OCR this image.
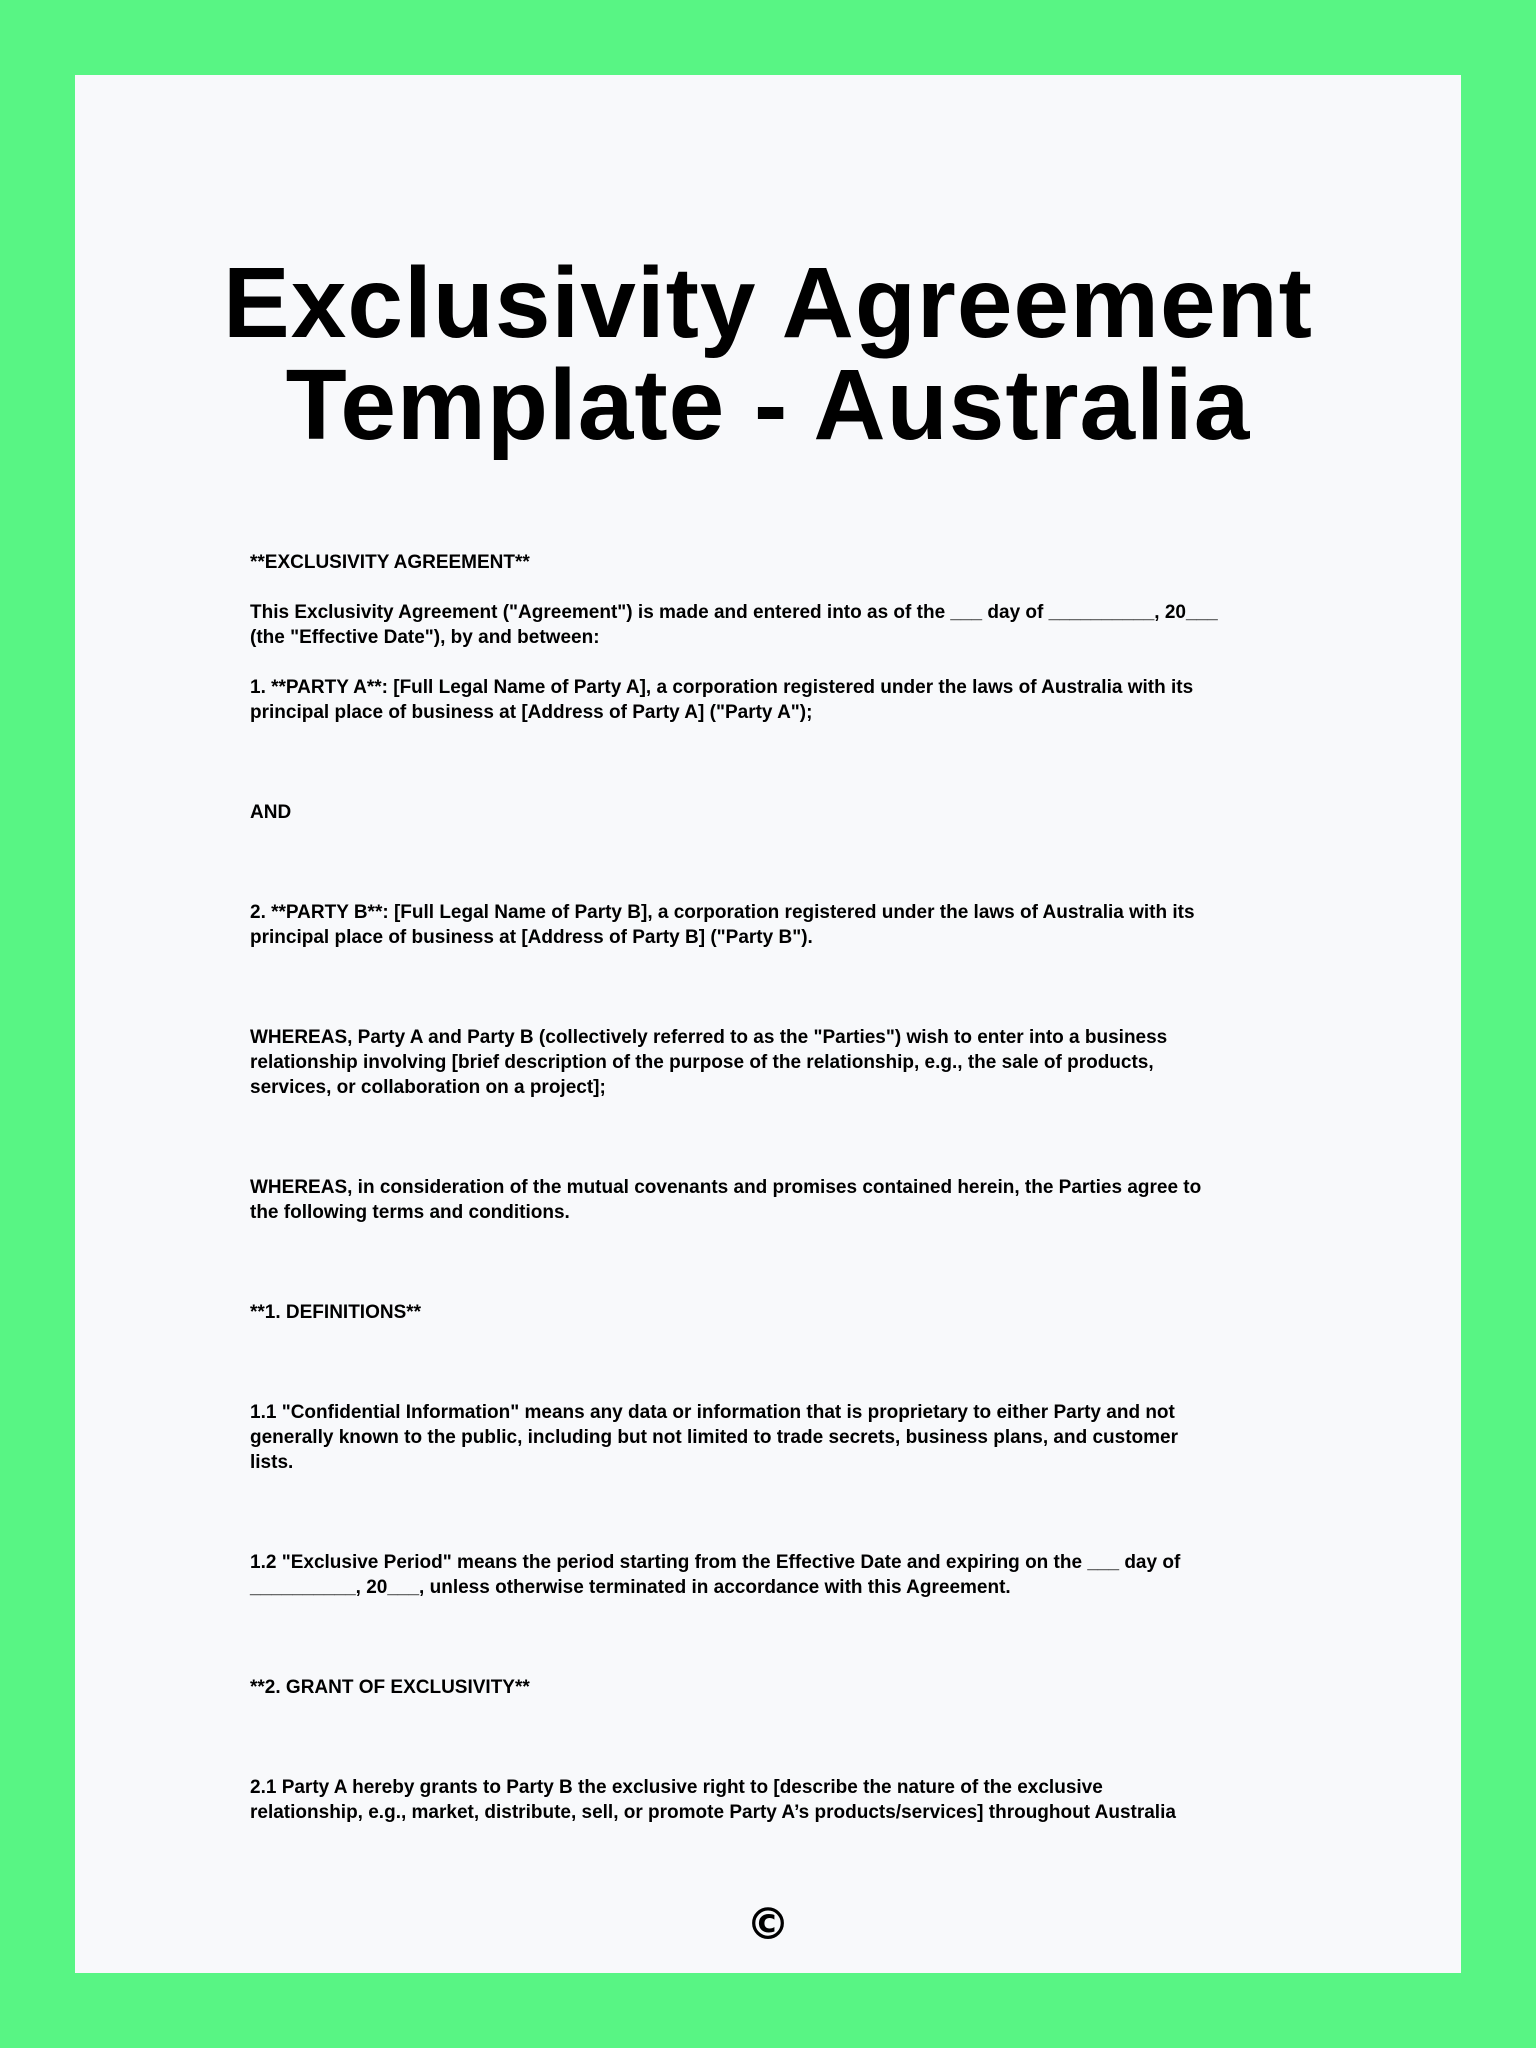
Exclusivity Agreement
Template - Australia

**EXCLUSIVITY AGREEMENT**

This Exclusivity Agreement ("Agreement") is made and entered into as of the ___ day of __________, 20___
(the "Effective Date"), by and between:

1. **PARTY A**: [Full Legal Name of Party A], a corporation registered under the laws of Australia with its
principal place of business at [Address of Party A] ("Party A");

AND

2. **PARTY B**: [Full Legal Name of Party B], a corporation registered under the laws of Australia with its
principal place of business at [Address of Party B] ("Party B").

WHEREAS, Party A and Party B (collectively referred to as the "Parties") wish to enter into a business
relationship involving [brief description of the purpose of the relationship, e.g., the sale of products,
services, or collaboration on a project];

WHEREAS, in consideration of the mutual covenants and promises contained herein, the Parties agree to
the following terms and conditions.

**1. DEFINITIONS**

1.1 "Confidential Information" means any data or information that is proprietary to either Party and not
generally known to the public, including but not limited to trade secrets, business plans, and customer
lists.

1.2 "Exclusive Period" means the period starting from the Effective Date and expiring on the ___ day of
__________, 20___, unless otherwise terminated in accordance with this Agreement.

**2. GRANT OF EXCLUSIVITY**

2.1 Party A hereby grants to Party B the exclusive right to [describe the nature of the exclusive
relationship, e.g., market, distribute, sell, or promote Party A’s products/services] throughout Australia

©
